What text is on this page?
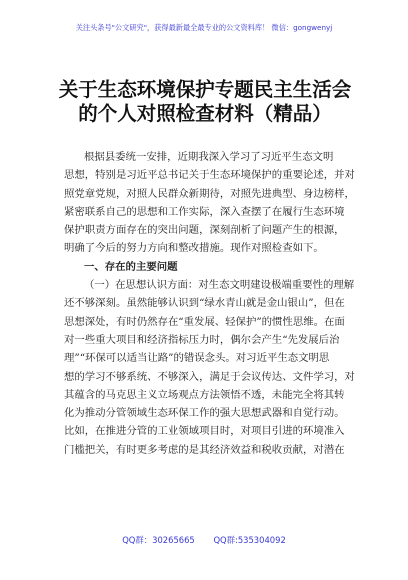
关注头条号"公文研究"，获得最新最全最专业的公文资料库！ 微信：gongwenyj
关于生态环境保护专题民主生活会
的个人对照检查材料（精品）
根据县委统一安排，近期我深入学习了习近平生态文明
思想，特别是习近平总书记关于生态环境保护的重要论述，并对
照党章党规，对照人民群众新期待，对照先进典型、身边榜样，
紧密联系自己的思想和工作实际，深入查摆了在履行生态环境
保护职责方面存在的突出问题，深刻剖析了问题产生的根源，
明确了今后的努力方向和整改措施。现作对照检查如下。
一、存在的主要问题
（一）在思想认识方面：对生态文明建设极端重要性的理解
还不够深刻。虽然能够认识到“绿水青山就是金山银山”，但在
思想深处，有时仍然存在“重发展、轻保护”的惯性思维。在面
对一些重大项目和经济指标压力时，偶尔会产生“先发展后治
理”“环保可以适当让路”的错误念头。对习近平生态文明思
想的学习不够系统、不够深入，满足于会议传达、文件学习，对
其蕴含的马克思主义立场观点方法领悟不透，未能完全将其转
化为推动分管领域生态环保工作的强大思想武器和自觉行动。
比如，在推进分管的工业领域项目时，对项目引进的环境准入
门槛把关，有时更多考虑的是其经济效益和税收贡献，对潜在
QQ群：30265665 QQ群:535304092
